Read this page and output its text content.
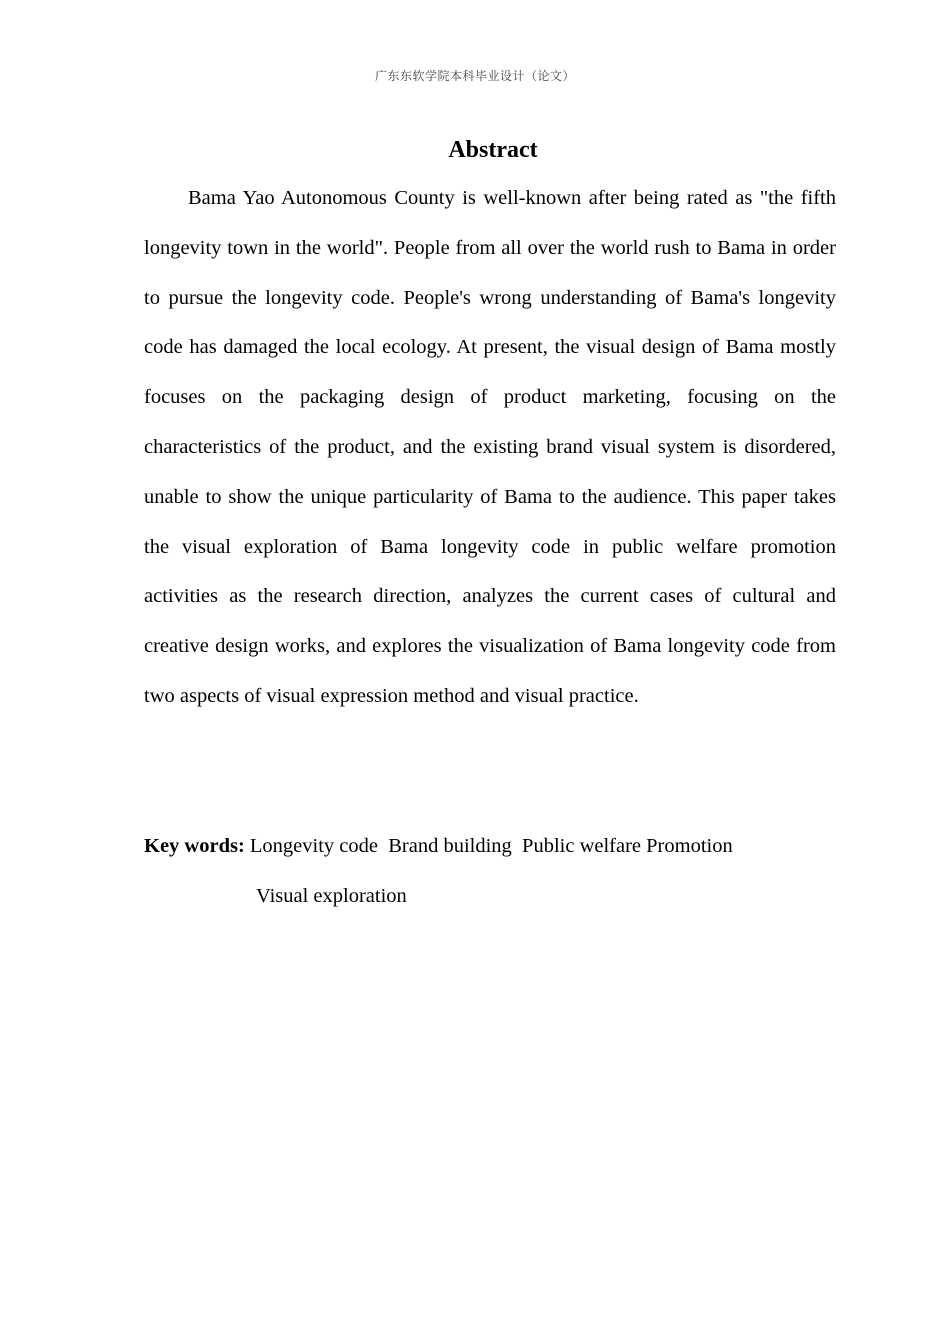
广东东软学院本科毕业设计（论文）
Abstract

Bama Yao Autonomous County is well-known after being rated as "the fifth longevity town in the world". People from all over the world rush to Bama in order to pursue the longevity code. People's wrong understanding of Bama's longevity code has damaged the local ecology. At present, the visual design of Bama mostly focuses on the packaging design of product marketing, focusing on the characteristics of the product, and the existing brand visual system is disordered, unable to show the unique particularity of Bama to the audience. This paper takes the visual exploration of Bama longevity code in public welfare promotion activities as the research direction, analyzes the current cases of cultural and creative design works, and explores the visualization of Bama longevity code from two aspects of visual expression method and visual practice.

Key words: Longevity code  Brand building  Public welfare Promotion
Visual exploration
